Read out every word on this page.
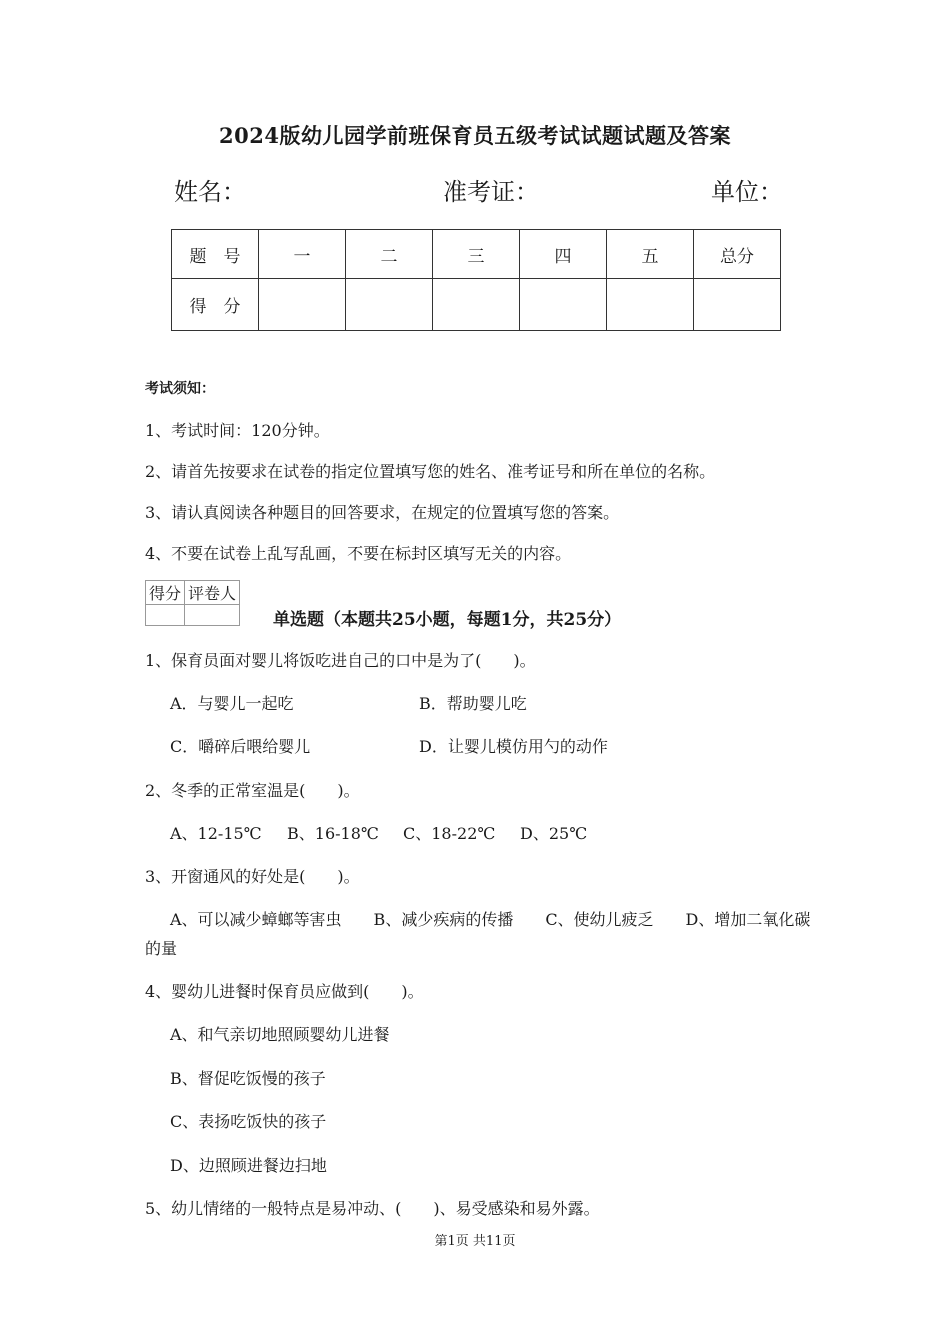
2024版幼儿园学前班保育员五级考试试题试题及答案
姓名：	准考证：	单位：
题　号	一	二	三	四	五	总分
得　分						
考试须知：
1、考试时间：120分钟。
2、请首先按要求在试卷的指定位置填写您的姓名、准考证号和所在单位的名称。
3、请认真阅读各种题目的回答要求，在规定的位置填写您的答案。
4、不要在试卷上乱写乱画，不要在标封区填写无关的内容。
得分	评卷人

单选题（本题共25小题，每题1分，共25分）
1、保育员面对婴儿将饭吃进自己的口中是为了(　　)。
A．与婴儿一起吃	B．帮助婴儿吃
C．嚼碎后喂给婴儿	D．让婴儿模仿用勺的动作
2、冬季的正常室温是(　　)。
A、12-15℃ B、16-18℃ C、18-22℃ D、25℃
3、开窗通风的好处是(　　)。
A、可以减少蟑螂等害虫　　B、减少疾病的传播　　C、使幼儿疲乏　　D、增加二氧化碳
的量
4、婴幼儿进餐时保育员应做到(　　)。
A、和气亲切地照顾婴幼儿进餐
B、督促吃饭慢的孩子
C、表扬吃饭快的孩子
D、边照顾进餐边扫地
5、幼儿情绪的一般特点是易冲动、(　　)、易受感染和易外露。
第1页 共11页
